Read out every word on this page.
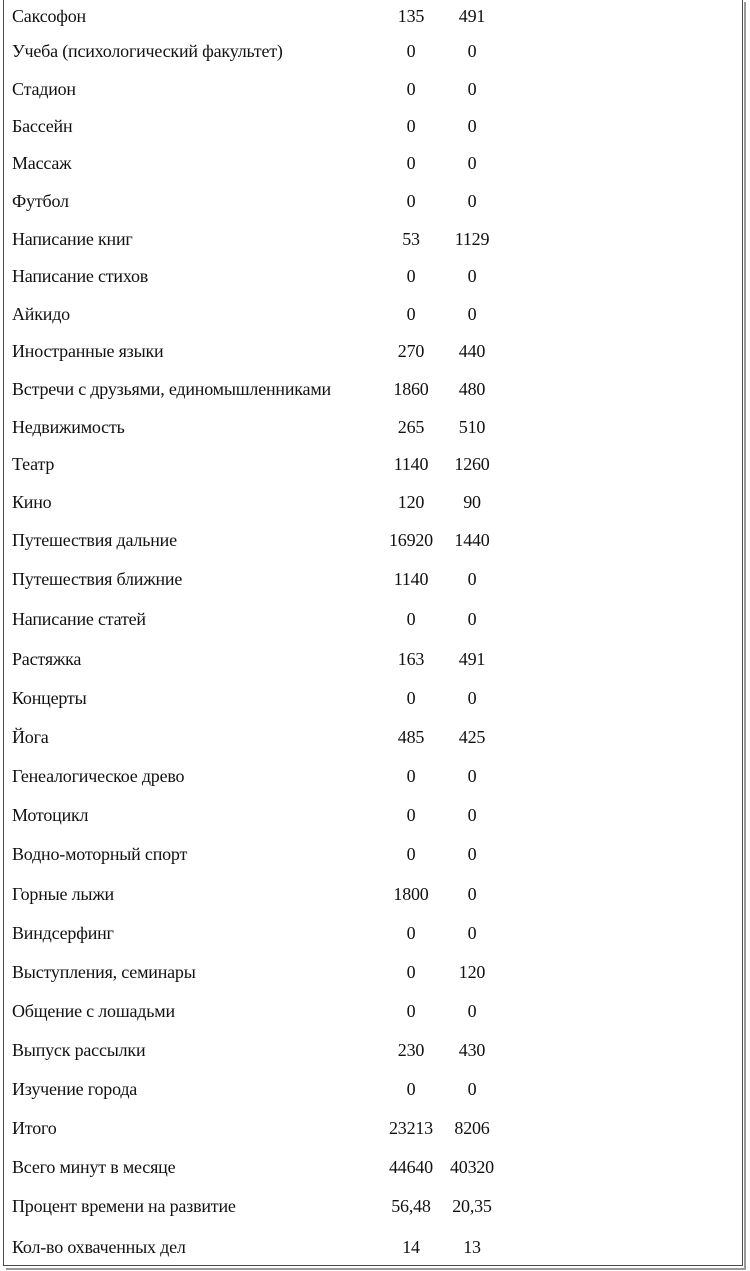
Саксофон	135	491
Учеба (психологический факультет)	0	0
Стадион	0	0
Бассейн	0	0
Массаж	0	0
Футбол	0	0
Написание книг	53	1129
Написание стихов	0	0
Айкидо	0	0
Иностранные языки	270	440
Встречи с друзьями, единомышленниками	1860	480
Недвижимость	265	510
Театр	1140	1260
Кино	120	90
Путешествия дальние	16920	1440
Путешествия ближние	1140	0
Написание статей	0	0
Растяжка	163	491
Концерты	0	0
Йога	485	425
Генеалогическое древо	0	0
Мотоцикл	0	0
Водно-моторный спорт	0	0
Горные лыжи	1800	0
Виндсерфинг	0	0
Выступления, семинары	0	120
Общение с лошадьми	0	0
Выпуск рассылки	230	430
Изучение города	0	0
Итого	23213	8206
Всего минут в месяце	44640	40320
Процент времени на развитие	56,48	20,35
Кол-во охваченных дел	14	13
